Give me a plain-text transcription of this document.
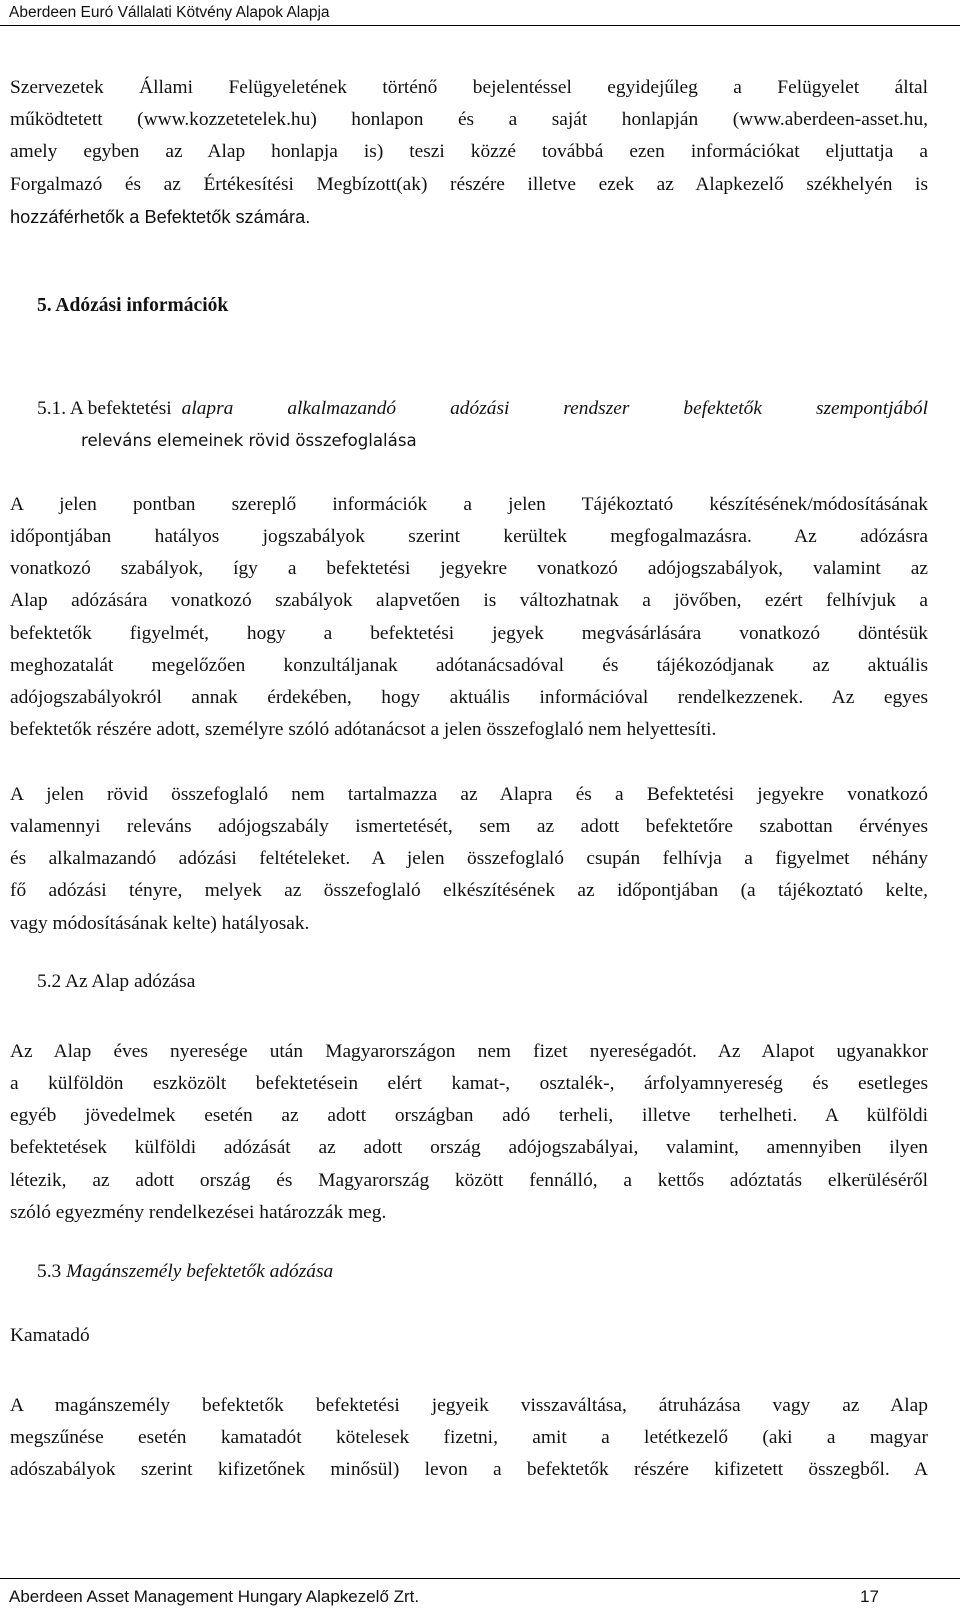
Aberdeen Euró Vállalati Kötvény Alapok Alapja

Szervezetek Állami Felügyeletének történő bejelentéssel egyidejűleg a Felügyelet által

működtetett (www.kozzetetelek.hu) honlapon és a saját honlapján (www.aberdeen-asset.hu,

amely egyben az Alap honlapja is) teszi közzé továbbá ezen információkat eljuttatja a

Forgalmazó és az Értékesítési Megbízott(ak) részére illetve ezek az Alapkezelő székhelyén is

hozzáférhetők a Befektetők számára.

5. Adózási információk
5.1. A befektetési alapra alkalmazandó adózási rendszer befektetők szempontjából
releváns elemeinek rövid összefoglalása

A jelen pontban szereplő információk a jelen Tájékoztató készítésének/módosításának

időpontjában hatályos jogszabályok szerint kerültek megfogalmazásra. Az adózásra

vonatkozó szabályok, így a befektetési jegyekre vonatkozó adójogszabályok, valamint az

Alap adózására vonatkozó szabályok alapvetően is változhatnak a jövőben, ezért felhívjuk a

befektetők figyelmét, hogy a befektetési jegyek megvásárlására vonatkozó döntésük

meghozatalát megelőzően konzultáljanak adótanácsadóval és tájékozódjanak az aktuális

adójogszabályokról annak érdekében, hogy aktuális információval rendelkezzenek. Az egyes

befektetők részére adott, személyre szóló adótanácsot a jelen összefoglaló nem helyettesíti.

A jelen rövid összefoglaló nem tartalmazza az Alapra és a Befektetési jegyekre vonatkozó

valamennyi releváns adójogszabály ismertetését, sem az adott befektetőre szabottan érvényes

és alkalmazandó adózási feltételeket. A jelen összefoglaló csupán felhívja a figyelmet néhány

fő adózási tényre, melyek az összefoglaló elkészítésének az időpontjában (a tájékoztató kelte,

vagy módosításának kelte) hatályosak.

5.2 Az Alap adózása

Az Alap éves nyeresége után Magyarországon nem fizet nyereségadót. Az Alapot ugyanakkor

a külföldön eszközölt befektetésein elért kamat-, osztalék-, árfolyamnyereség és esetleges

egyéb jövedelmek esetén az adott országban adó terheli, illetve terhelheti. A külföldi

befektetések külföldi adózását az adott ország adójogszabályai, valamint, amennyiben ilyen

létezik, az adott ország és Magyarország között fennálló, a kettős adóztatás elkerüléséről

szóló egyezmény rendelkezései határozzák meg.

5.3 Magánszemély befektetők adózása
Kamatadó

A magánszemély befektetők befektetési jegyeik visszaváltása, átruházása vagy az Alap

megszűnése esetén kamatadót kötelesek fizetni, amit a letétkezelő (aki a magyar

adószabályok szerint kifizetőnek minősül) levon a befektetők részére kifizetett összegből. A

Aberdeen Asset Management Hungary Alapkezelő Zrt.	17
